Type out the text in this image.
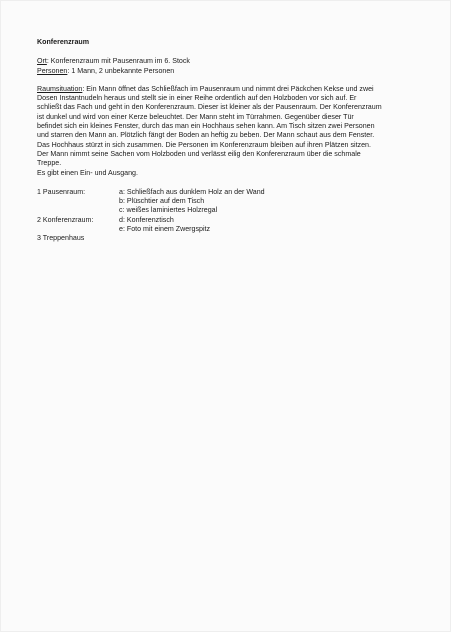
Konferenzraum

Ort: Konferenzraum mit Pausenraum im 6. Stock

Personen: 1 Mann, 2 unbekannte Personen

Raumsituation: Ein Mann öffnet das Schließfach im Pausenraum und nimmt drei Päckchen Kekse und zwei

Dosen Instantnudeln heraus und stellt sie in einer Reihe ordentlich auf den Holzboden vor sich auf. Er

schließt das Fach und geht in den Konferenzraum. Dieser ist kleiner als der Pausenraum. Der Konferenzraum

ist dunkel und wird von einer Kerze beleuchtet. Der Mann steht im Türrahmen. Gegenüber dieser Tür

befindet sich ein kleines Fenster, durch das man ein Hochhaus sehen kann. Am Tisch sitzen zwei Personen

und starren den Mann an. Plötzlich fängt der Boden an heftig zu beben. Der Mann schaut aus dem Fenster.

Das Hochhaus stürzt in sich zusammen. Die Personen im Konferenzraum bleiben auf ihren Plätzen sitzen.

Der Mann nimmt seine Sachen vom Holzboden und verlässt eilig den Konferenzraum über die schmale

Treppe.

Es gibt einen Ein- und Ausgang.

1 Pausenraum:	a: Schließfach aus dunklem Holz an der Wand
b: Plüschtier auf dem Tisch
c: weißes laminiertes Holzregal
2 Konferenzraum:	d: Konferenztisch
e: Foto mit einem Zwergspitz
3 Treppenhaus
